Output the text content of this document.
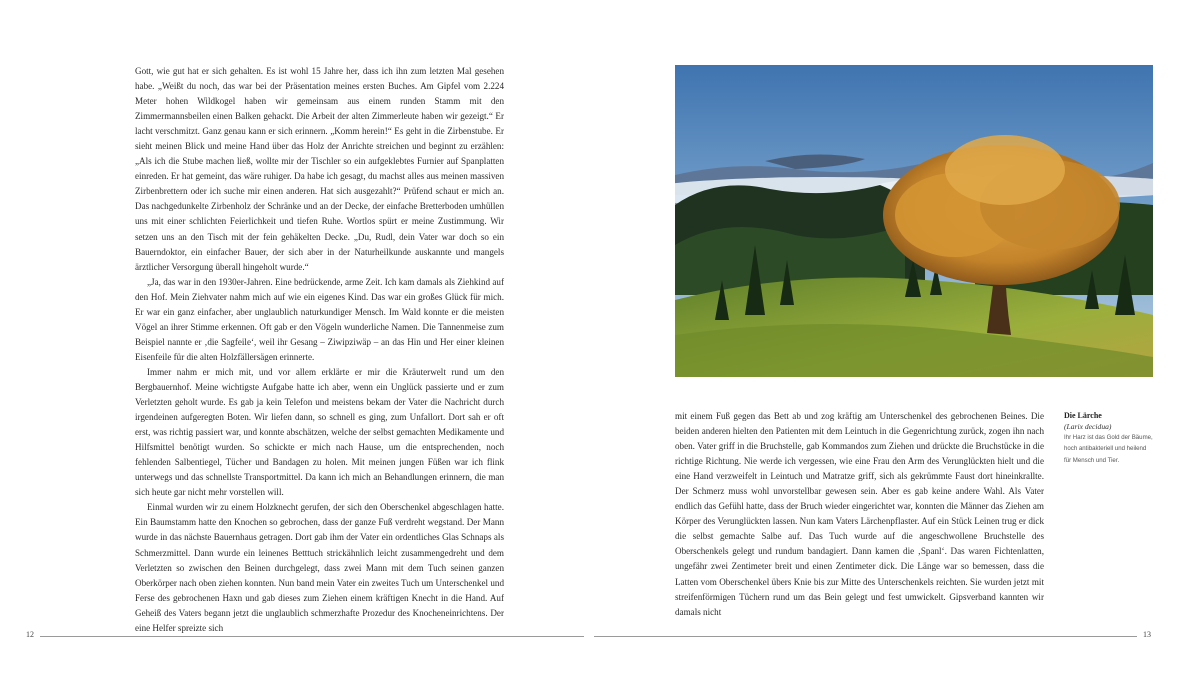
Gott, wie gut hat er sich gehalten. Es ist wohl 15 Jahre her, dass ich ihn zum letzten Mal gesehen habe. „Weißt du noch, das war bei der Präsentation meines ersten Buches. Am Gipfel vom 2.224 Meter hohen Wildkogel haben wir gemeinsam aus einem runden Stamm mit den Zimmermannsbeilen einen Balken gehackt. Die Arbeit der alten Zimmerleute haben wir gezeigt.“ Er lacht verschmitzt. Ganz genau kann er sich erinnern. „Komm herein!“ Es geht in die Zirbenstube. Er sieht meinen Blick und meine Hand über das Holz der Anrichte streichen und beginnt zu erzählen: „Als ich die Stube machen ließ, wollte mir der Tischler so ein aufgeklebtes Furnier auf Spanplatten einreden. Er hat gemeint, das wäre ruhiger. Da habe ich gesagt, du machst alles aus meinen massiven Zirbenbrettern oder ich suche mir einen anderen. Hat sich ausgezahlt?“ Prüfend schaut er mich an. Das nachgedunkelte Zirbenholz der Schränke und an der Decke, der einfache Bretterboden umhüllen uns mit einer schlichten Feierlichkeit und tiefen Ruhe. Wortlos spürt er meine Zustimmung. Wir setzen uns an den Tisch mit der fein gehäkelten Decke. „Du, Rudl, dein Vater war doch so ein Bauerndoktor, ein einfacher Bauer, der sich aber in der Naturheilkunde auskannte und mangels ärztlicher Versorgung überall hingeholt wurde.“

„Ja, das war in den 1930er-Jahren. Eine bedrückende, arme Zeit. Ich kam damals als Ziehkind auf den Hof. Mein Ziehvater nahm mich auf wie ein eigenes Kind. Das war ein großes Glück für mich. Er war ein ganz einfacher, aber unglaublich naturkundiger Mensch. Im Wald konnte er die meisten Vögel an ihrer Stimme erkennen. Oft gab er den Vögeln wunderliche Namen. Die Tannenmeise zum Beispiel nannte er ‚die Sagfeile‘, weil ihr Gesang – Ziwipziwäp – an das Hin und Her einer kleinen Eisenfeile für die alten Holzfällersägen erinnerte.

Immer nahm er mich mit, und vor allem erklärte er mir die Kräuterwelt rund um den Bergbauernhof. Meine wichtigste Aufgabe hatte ich aber, wenn ein Unglück passierte und er zum Verletzten geholt wurde. Es gab ja kein Telefon und meistens bekam der Vater die Nachricht durch irgendeinen aufgeregten Boten. Wir liefen dann, so schnell es ging, zum Unfallort. Dort sah er oft erst, was richtig passiert war, und konnte abschätzen, welche der selbst gemachten Medikamente und Hilfsmittel benötigt wurden. So schickte er mich nach Hause, um die entsprechenden, noch fehlenden Salbentiegel, Tücher und Bandagen zu holen. Mit meinen jungen Füßen war ich flink unterwegs und das schnellste Transportmittel. Da kann ich mich an Behandlungen erinnern, die man sich heute gar nicht mehr vorstellen will.

Einmal wurden wir zu einem Holzknecht gerufen, der sich den Oberschenkel abgeschlagen hatte. Ein Baumstamm hatte den Knochen so gebrochen, dass der ganze Fuß verdreht wegstand. Der Mann wurde in das nächste Bauernhaus getragen. Dort gab ihm der Vater ein ordentliches Glas Schnaps als Schmerzmittel. Dann wurde ein leinenes Betttuch strickähnlich leicht zusammengedreht und dem Verletzten so zwischen den Beinen durchgelegt, dass zwei Mann mit dem Tuch seinen ganzen Oberkörper nach oben ziehen konnten. Nun band mein Vater ein zweites Tuch um Unterschenkel und Ferse des gebrochenen Haxn und gab dieses zum Ziehen einem kräftigen Knecht in die Hand. Auf Geheiß des Vaters begann jetzt die unglaublich schmerzhafte Prozedur des Knocheneinrichtens. Der eine Helfer spreizte sich

mit einem Fuß gegen das Bett ab und zog kräftig am Unterschenkel des gebrochenen Beines. Die beiden anderen hielten den Patienten mit dem Leintuch in die Gegenrichtung zurück, zogen ihn nach oben. Vater griff in die Bruchstelle, gab Kommandos zum Ziehen und drückte die Bruchstücke in die richtige Richtung. Nie werde ich vergessen, wie eine Frau den Arm des Verunglückten hielt und die eine Hand verzweifelt in Leintuch und Matratze griff, sich als gekrümmte Faust dort hineinkrallte. Der Schmerz muss wohl unvorstellbar gewesen sein. Aber es gab keine andere Wahl. Als Vater endlich das Gefühl hatte, dass der Bruch wieder eingerichtet war, konnten die Männer das Ziehen am Körper des Verunglückten lassen. Nun kam Vaters Lärchenpflaster. Auf ein Stück Leinen trug er dick die selbst gemachte Salbe auf. Das Tuch wurde auf die angeschwollene Bruchstelle des Oberschenkels gelegt und rundum bandagiert. Dann kamen die ‚Spanl‘. Das waren Fichtenlatten, ungefähr zwei Zentimeter breit und einen Zentimeter dick. Die Länge war so bemessen, dass die Latten vom Oberschenkel übers Knie bis zur Mitte des Unterschenkels reichten. Sie wurden jetzt mit streifenförmigen Tüchern rund um das Bein gelegt und fest umwickelt. Gipsverband kannten wir damals nicht

Die Lärche
(Larix decidua)
Ihr Harz ist das Gold der Bäume, hoch antibakteriell und heilend für Mensch und Tier.
12	13
